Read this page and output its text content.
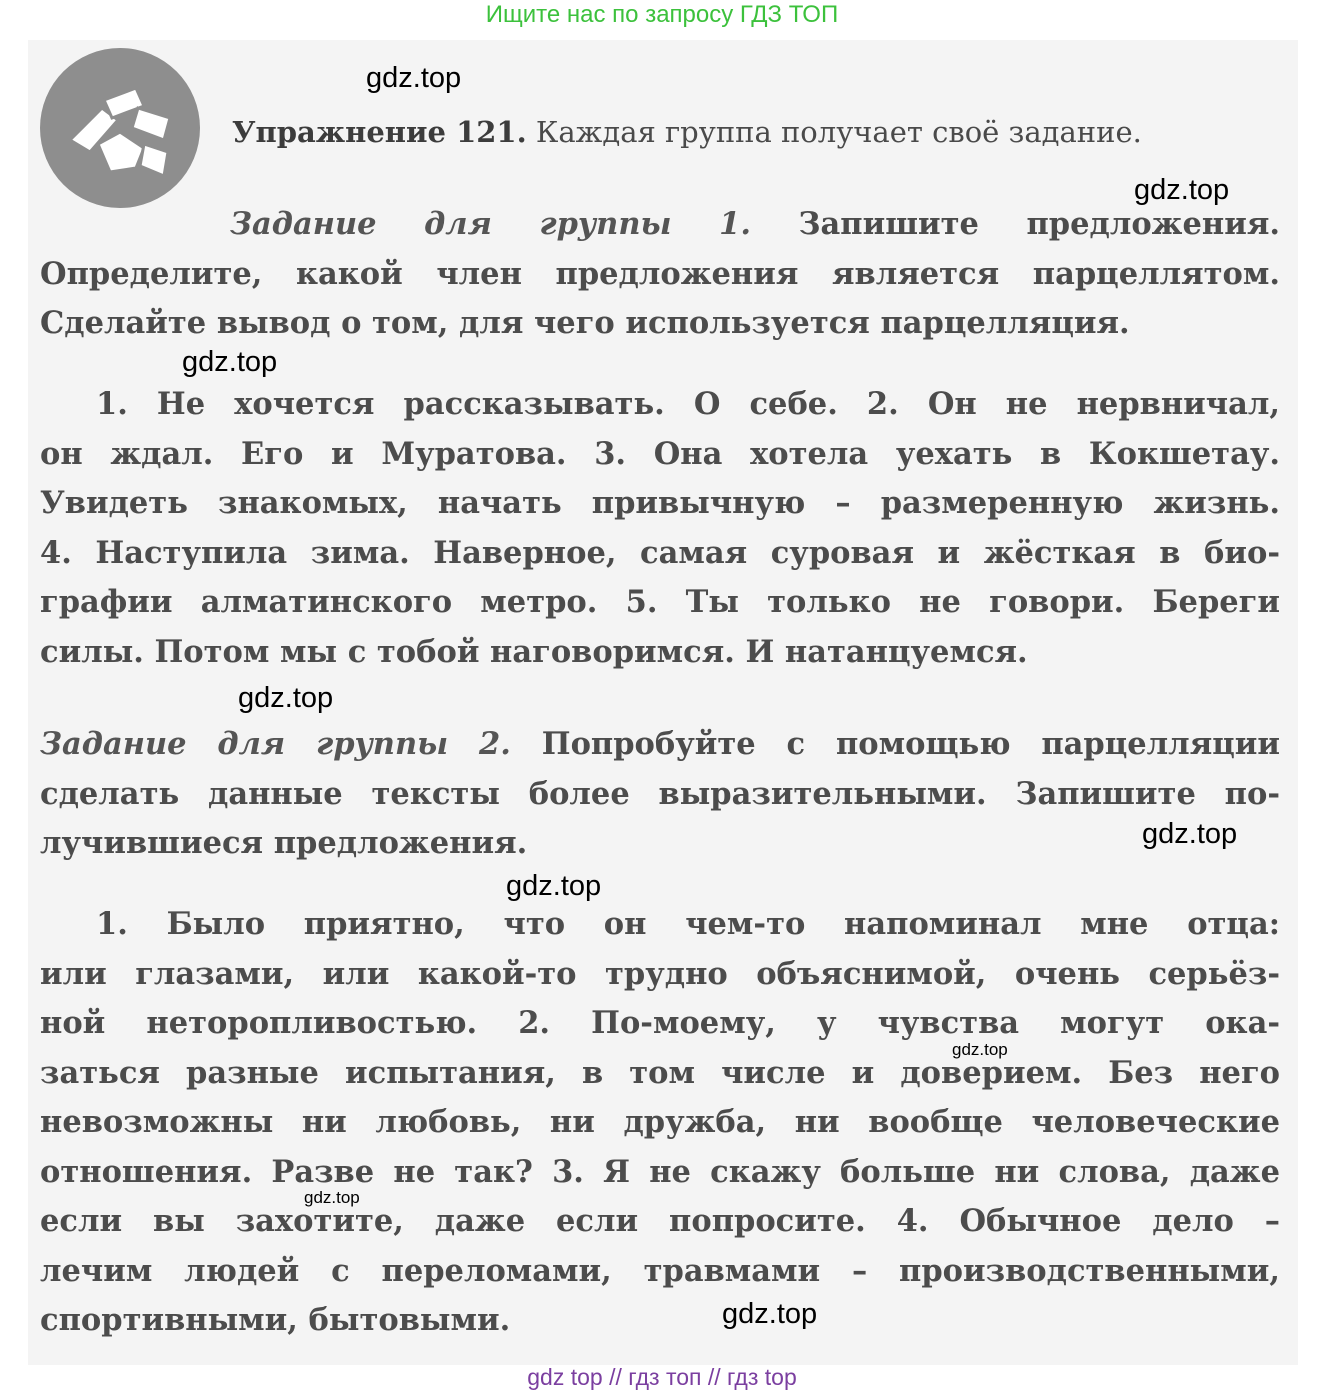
Ищите нас по запросу ГДЗ ТОП
Упражнение 121. Каждая группа получает своё задание.
Задание для группы 1. Запишите предложения.
Определите, какой член предложения является парцеллятом.
Сделайте вывод о том, для чего используется парцелляция.
1. Не хочется рассказывать. О себе. 2. Он не нервничал,
он ждал. Его и Муратова. 3. Она хотела уехать в Кокшетау.
Увидеть знакомых, начать привычную – размеренную жизнь.
4. Наступила зима. Наверное, самая суровая и жёсткая в био-
графии алматинского метро. 5. Ты только не говори. Береги
силы. Потом мы с тобой наговоримся. И натанцуемся.
Задание для группы 2. Попробуйте с помощью парцелляции
сделать данные тексты более выразительными. Запишите по-
лучившиеся предложения.
1. Было приятно, что он чем-то напоминал мне отца:
или глазами, или какой-то трудно объяснимой, очень серьёз-
ной неторопливостью. 2. По-моему, у чувства могут ока-
заться разные испытания, в том числе и доверием. Без него
невозможны ни любовь, ни дружба, ни вообще человеческие
отношения. Разве не так? 3. Я не скажу больше ни слова, даже
если вы захотите, даже если попросите. 4. Обычное дело –
лечим людей с переломами, травмами – производственными,
спортивными, бытовыми.
gdz.top
gdz.top
gdz.top
gdz.top
gdz.top
gdz.top
gdz.top
gdz.top
gdz.top
gdz top // гдз топ // гдз top
